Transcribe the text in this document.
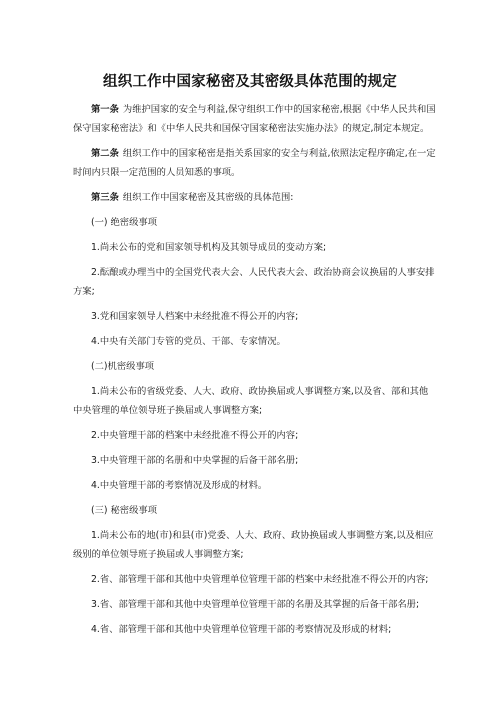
组织工作中国家秘密及其密级具体范围的规定

第一条 为维护国家的安全与利益,保守组织工作中的国家秘密,根据《中华人民共和国保守国家秘密法》和《中华人民共和国保守国家秘密法实施办法》的规定,制定本规定。

第二条 组织工作中的国家秘密是指关系国家的安全与利益,依照法定程序确定,在一定时间内只限一定范围的人员知悉的事项。

第三条 组织工作中国家秘密及其密级的具体范围:

(一) 绝密级事项

1.尚未公布的党和国家领导机构及其领导成员的变动方案;

2.酝酿或办理当中的全国党代表大会、人民代表大会、政治协商会议换届的人事安排方案;

3.党和国家领导人档案中未经批准不得公开的内容;

4.中央有关部门专管的党员、干部、专家情况。

(二)机密级事项

1.尚未公布的省级党委、人大、政府、政协换届或人事调整方案,以及省、部和其他中央管理的单位领导班子换届或人事调整方案;

2.中央管理干部的档案中未经批准不得公开的内容;

3.中央管理干部的名册和中央掌握的后备干部名册;

4.中央管理干部的考察情况及形成的材料。

(三) 秘密级事项

1.尚未公布的地(市)和县(市)党委、人大、政府、政协换届或人事调整方案,以及相应级别的单位领导班子换届或人事调整方案;

2.省、部管理干部和其他中央管理单位管理干部的档案中未经批准不得公开的内容;

3.省、部管理干部和其他中央管理单位管理干部的名册及其掌握的后备干部名册;

4.省、部管理干部和其他中央管理单位管理干部的考察情况及形成的材料;
